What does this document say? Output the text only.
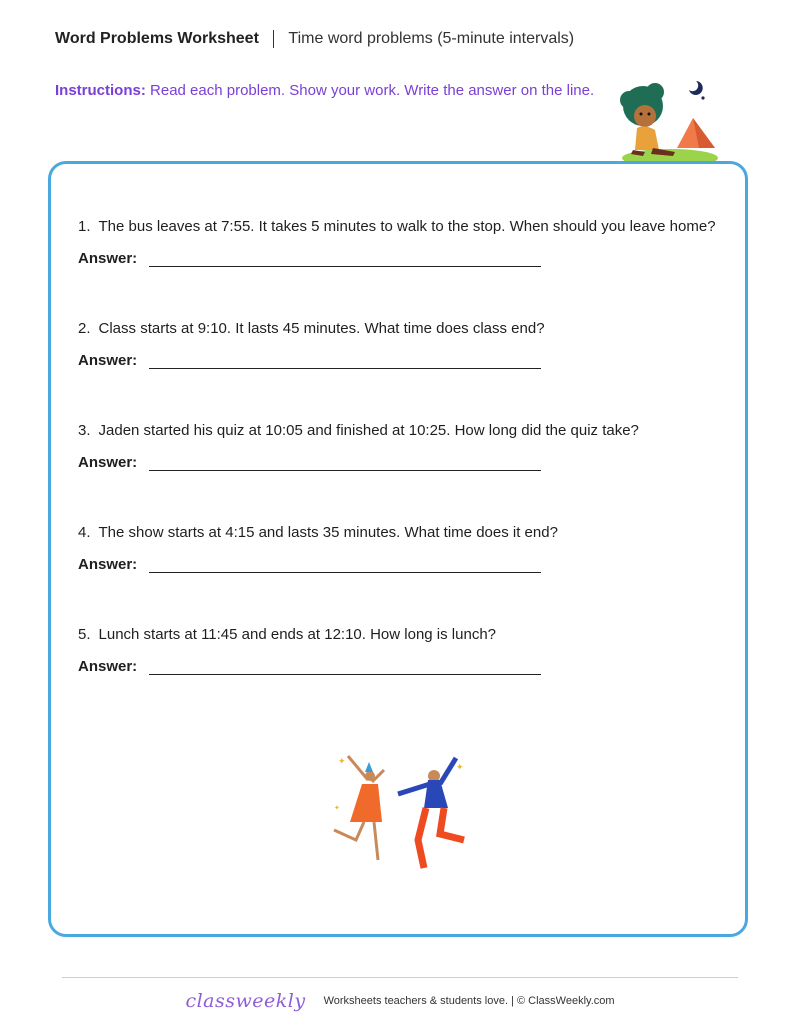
Word Problems Worksheet Time word problems (5-minute intervals)
Instructions: Read each problem. Show your work. Write the answer on the line.
1. The bus leaves at 7:55. It takes 5 minutes to walk to the stop. When should you leave home?
Answer:
2. Class starts at 9:10. It lasts 45 minutes. What time does class end?
Answer:
3. Jaden started his quiz at 10:05 and finished at 10:25. How long did the quiz take?
Answer:
4. The show starts at 4:15 and lasts 35 minutes. What time does it end?
Answer:
5. Lunch starts at 11:45 and ends at 12:10. How long is lunch?
Answer:
✦
✦
✦
classweekly Worksheets teachers & students love. | © ClassWeekly.com
